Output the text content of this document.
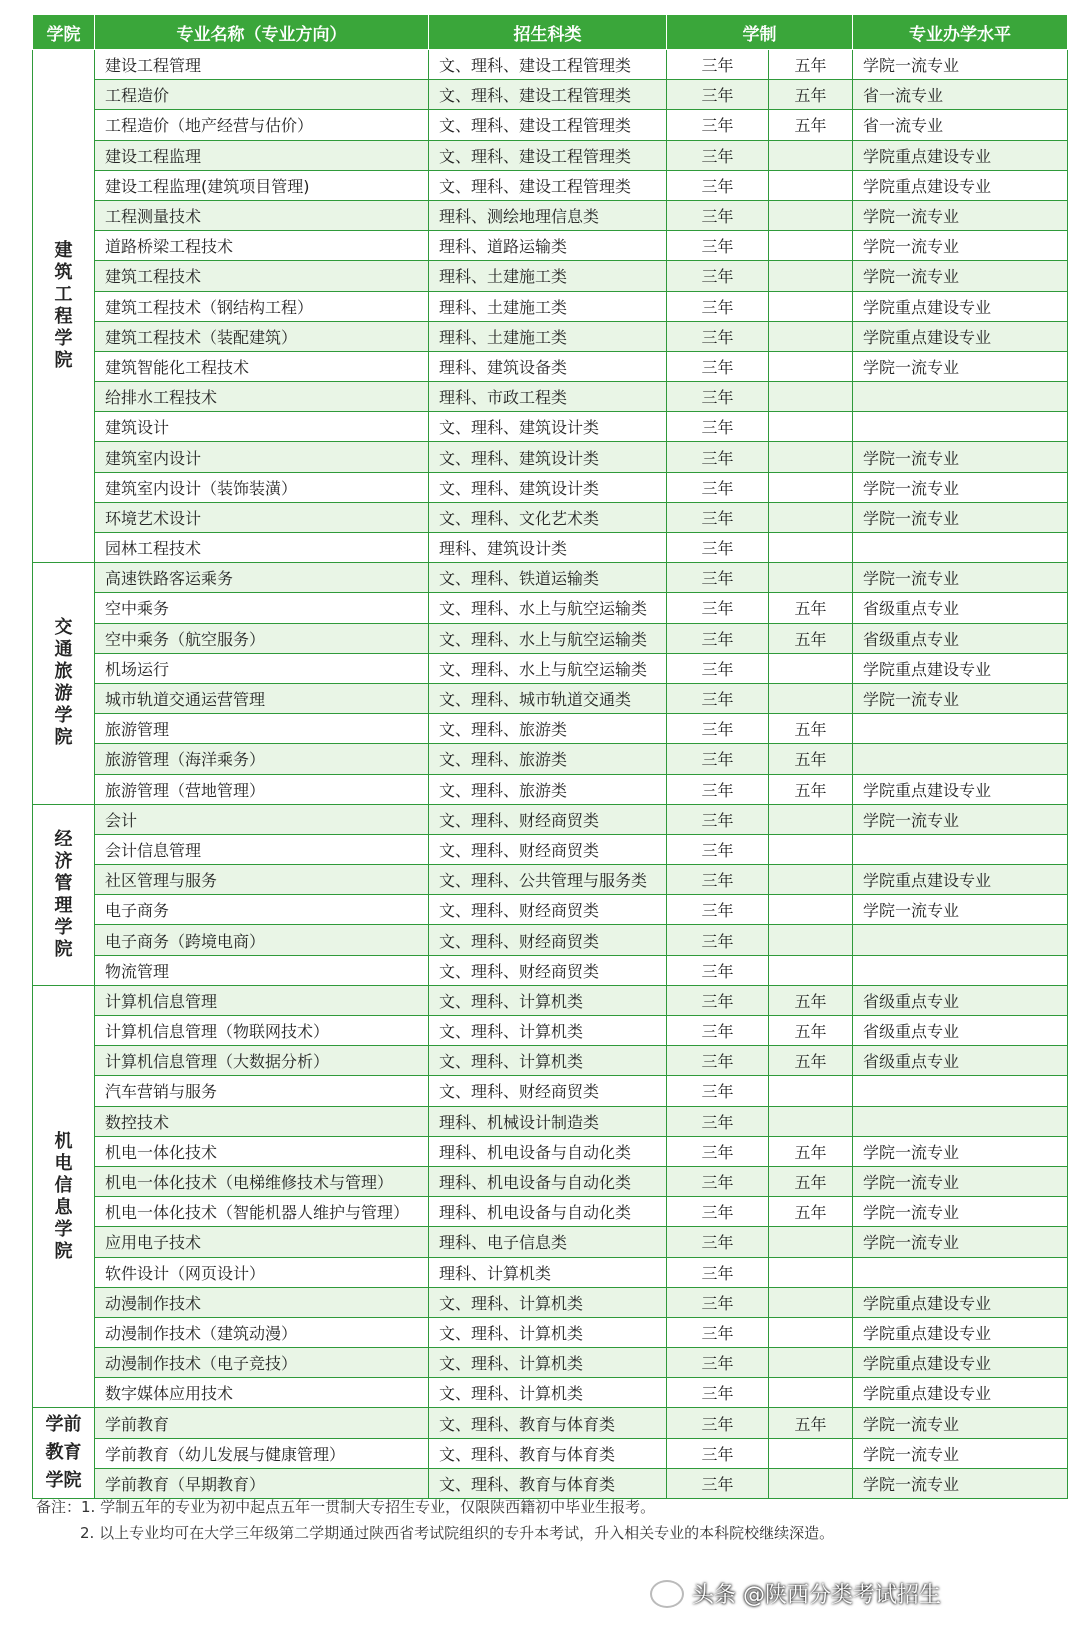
学院	专业名称（专业方向）	招生科类	学制		专业办学水平
建筑工程学院	建设工程管理	文、理科、建设工程管理类	三年	五年	学院一流专业
	工程造价	文、理科、建设工程管理类	三年	五年	省一流专业
	工程造价（地产经营与估价）	文、理科、建设工程管理类	三年	五年	省一流专业
	建设工程监理	文、理科、建设工程管理类	三年		学院重点建设专业
	建设工程监理(建筑项目管理)	文、理科、建设工程管理类	三年		学院重点建设专业
	工程测量技术	理科、测绘地理信息类	三年		学院一流专业
	道路桥梁工程技术	理科、道路运输类	三年		学院一流专业
	建筑工程技术	理科、土建施工类	三年		学院一流专业
	建筑工程技术（钢结构工程）	理科、土建施工类	三年		学院重点建设专业
	建筑工程技术（装配建筑）	理科、土建施工类	三年		学院重点建设专业
	建筑智能化工程技术	理科、建筑设备类	三年		学院一流专业
	给排水工程技术	理科、市政工程类	三年		
	建筑设计	文、理科、建筑设计类	三年		
	建筑室内设计	文、理科、建筑设计类	三年		学院一流专业
	建筑室内设计（装饰装潢）	文、理科、建筑设计类	三年		学院一流专业
	环境艺术设计	文、理科、文化艺术类	三年		学院一流专业
	园林工程技术	理科、建筑设计类	三年		
交通旅游学院	高速铁路客运乘务	文、理科、铁道运输类	三年		学院一流专业
	空中乘务	文、理科、水上与航空运输类	三年	五年	省级重点专业
	空中乘务（航空服务）	文、理科、水上与航空运输类	三年	五年	省级重点专业
	机场运行	文、理科、水上与航空运输类	三年		学院重点建设专业
	城市轨道交通运营管理	文、理科、城市轨道交通类	三年		学院一流专业
	旅游管理	文、理科、旅游类	三年	五年	
	旅游管理（海洋乘务）	文、理科、旅游类	三年	五年	
	旅游管理（营地管理）	文、理科、旅游类	三年	五年	学院重点建设专业
经济管理学院	会计	文、理科、财经商贸类	三年		学院一流专业
	会计信息管理	文、理科、财经商贸类	三年		
	社区管理与服务	文、理科、公共管理与服务类	三年		学院重点建设专业
	电子商务	文、理科、财经商贸类	三年		学院一流专业
	电子商务（跨境电商）	文、理科、财经商贸类	三年		
	物流管理	文、理科、财经商贸类	三年		
机电信息学院	计算机信息管理	文、理科、计算机类	三年	五年	省级重点专业
	计算机信息管理（物联网技术）	文、理科、计算机类	三年	五年	省级重点专业
	计算机信息管理（大数据分析）	文、理科、计算机类	三年	五年	省级重点专业
	汽车营销与服务	文、理科、财经商贸类	三年		
	数控技术	理科、机械设计制造类	三年		
	机电一体化技术	理科、机电设备与自动化类	三年	五年	学院一流专业
	机电一体化技术（电梯维修技术与管理）	理科、机电设备与自动化类	三年	五年	学院一流专业
	机电一体化技术（智能机器人维护与管理）	理科、机电设备与自动化类	三年	五年	学院一流专业
	应用电子技术	理科、电子信息类	三年		学院一流专业
	软件设计（网页设计）	理科、计算机类	三年		
	动漫制作技术	文、理科、计算机类	三年		学院重点建设专业
	动漫制作技术（建筑动漫）	文、理科、计算机类	三年		学院重点建设专业
	动漫制作技术（电子竞技）	文、理科、计算机类	三年		学院重点建设专业
	数字媒体应用技术	文、理科、计算机类	三年		学院重点建设专业
学前教育学院	学前教育	文、理科、教育与体育类	三年	五年	学院一流专业
	学前教育（幼儿发展与健康管理）	文、理科、教育与体育类	三年		学院一流专业
	学前教育（早期教育）	文、理科、教育与体育类	三年		学院一流专业
备注：1. 学制五年的专业为初中起点五年一贯制大专招生专业，仅限陕西籍初中毕业生报考。
2. 以上专业均可在大学三年级第二学期通过陕西省考试院组织的专升本考试，升入相关专业的本科院校继续深造。
头条 @陕西分类考试招生
